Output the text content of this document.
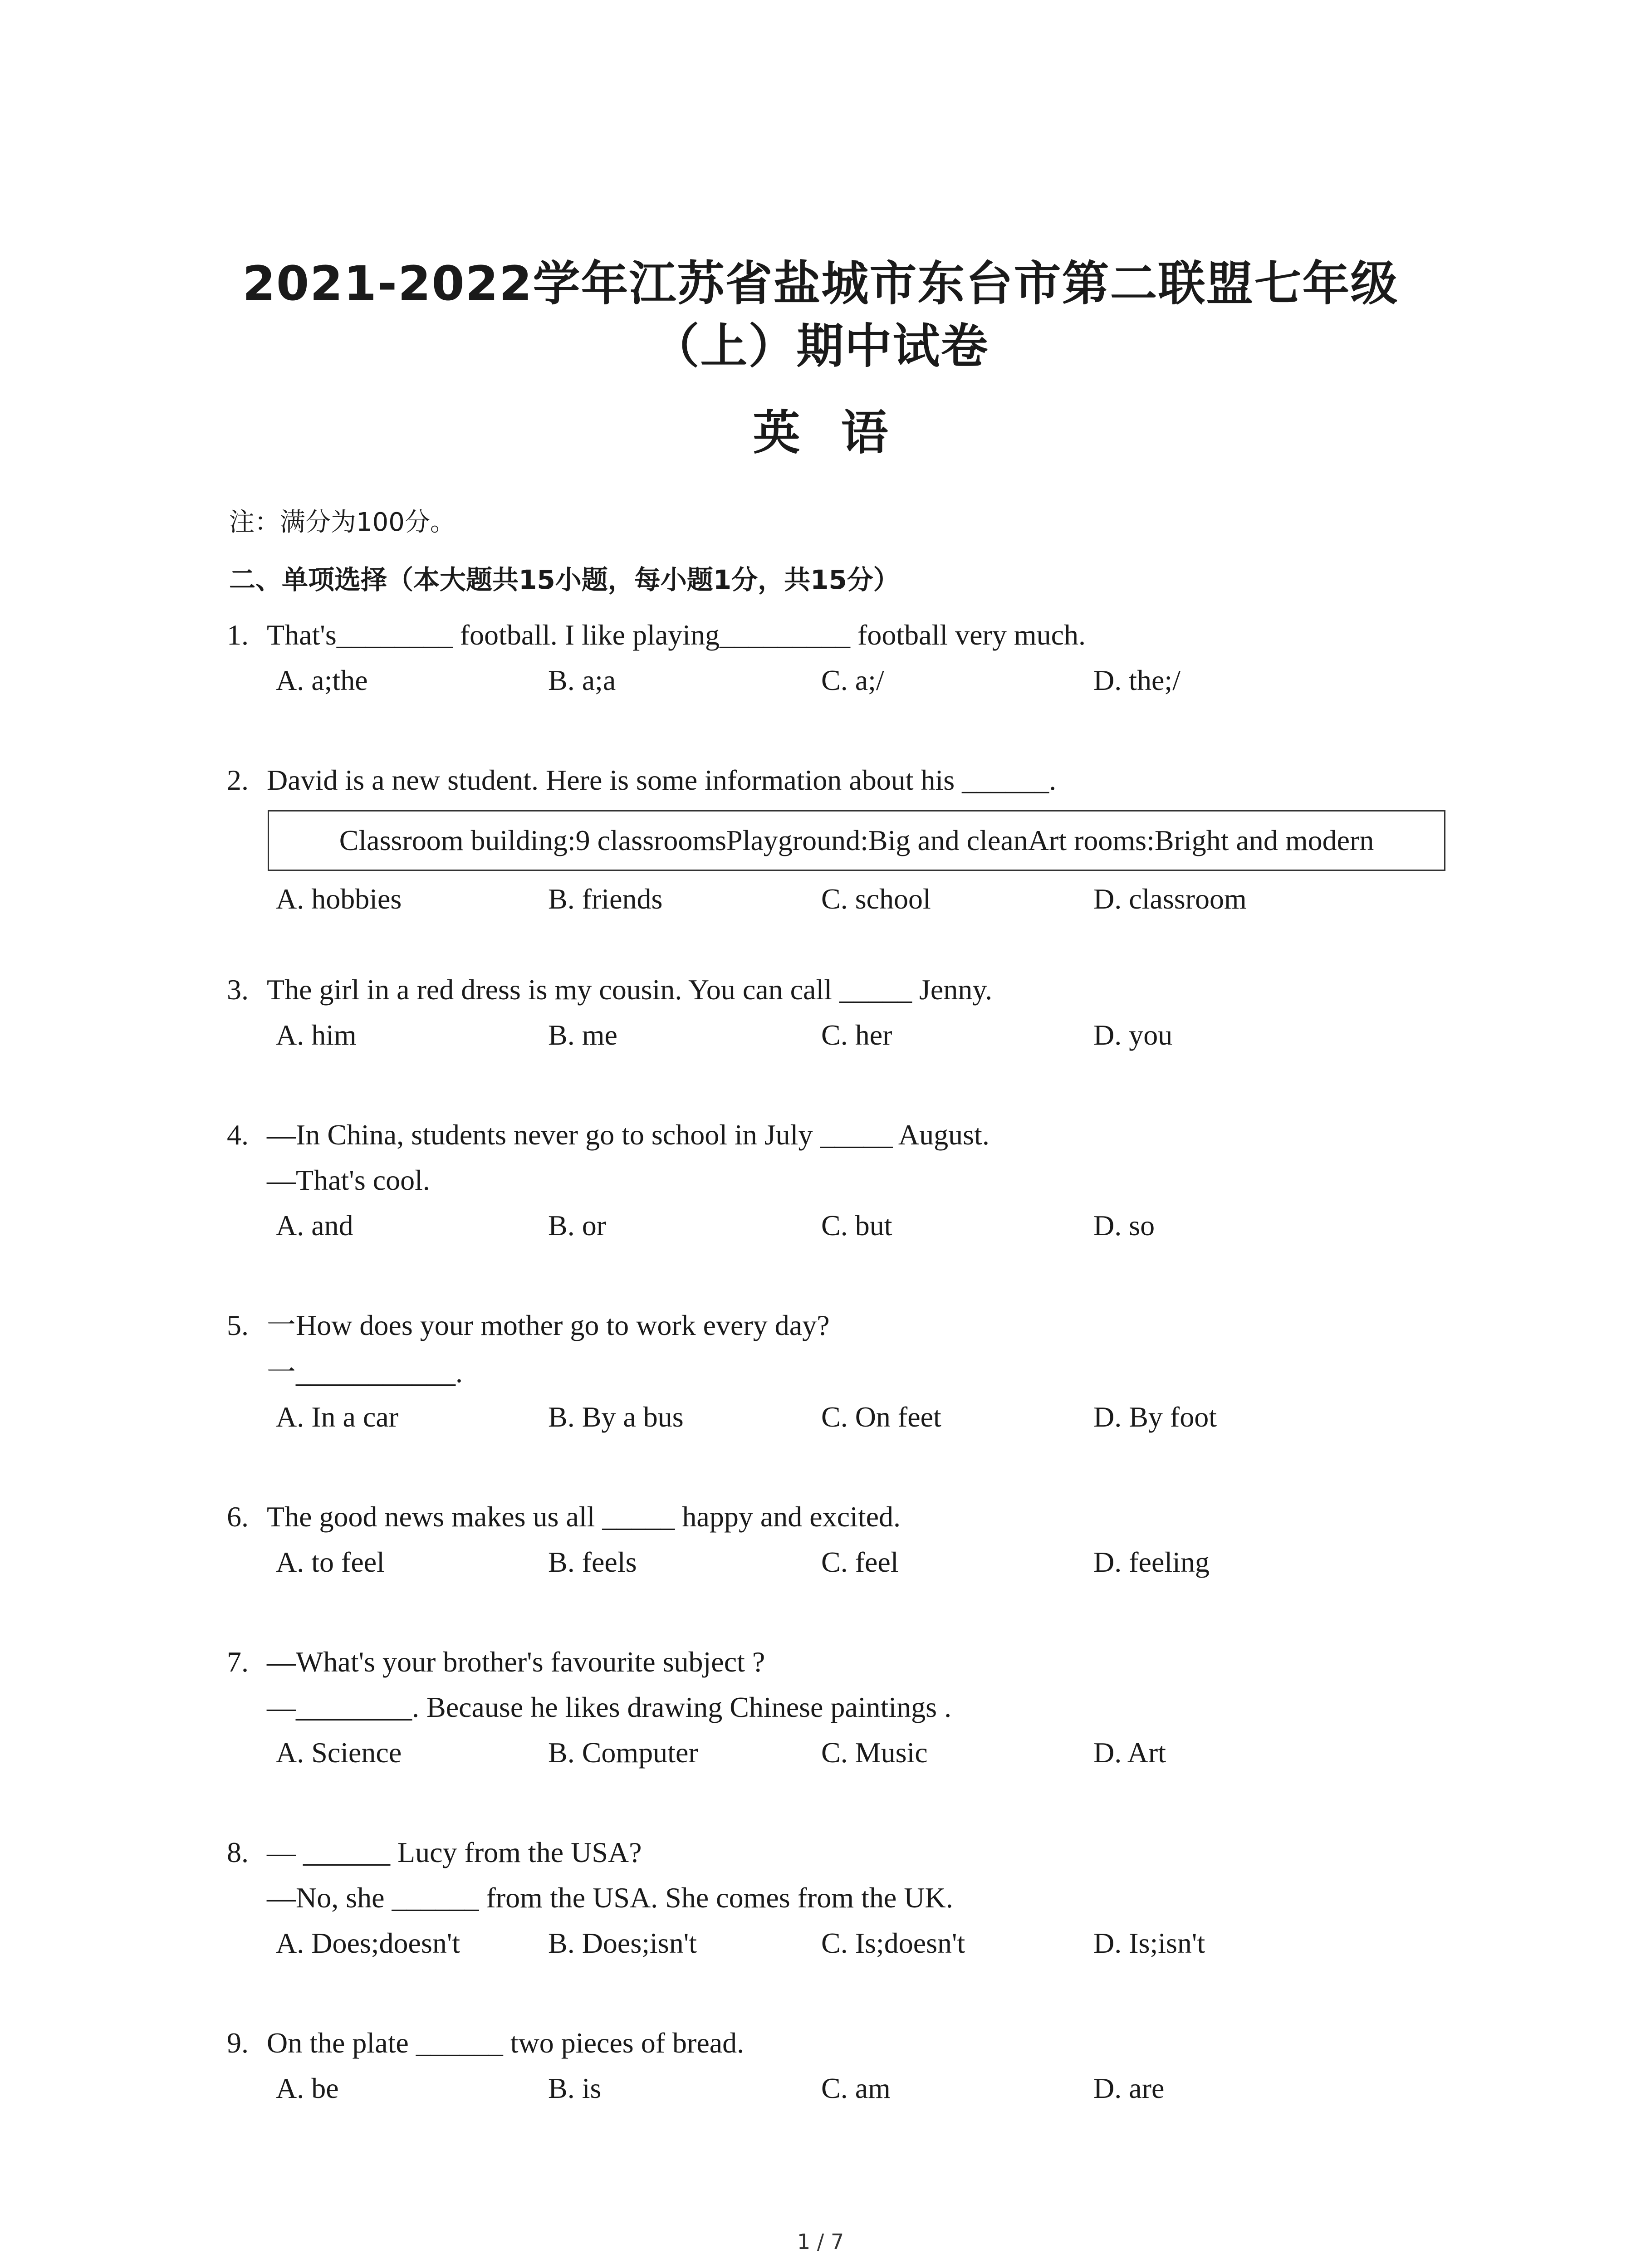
2021-2022学年江苏省盐城市东台市第二联盟七年级
（上）期中试卷
英语
注：满分为100分。
二、单项选择（本大题共15小题，每小题1分，共15分）
1. That's________ football. I like playing_________ football very much.
A. a;the	B. a;a	C. a;/	D. the;/
2. David is a new student. Here is some information about his ______.
Classroom building:9 classroomsPlayground:Big and cleanArt rooms:Bright and modern
A. hobbies	B. friends	C. school	D. classroom
3. The girl in a red dress is my cousin. You can call _____ Jenny.
A. him	B. me	C. her	D. you
4. —In China, students never go to school in July _____ August.
—That's cool.
A. and	B. or	C. but	D. so
5. 一How does your mother go to work every day?
一___________.
A. In a car	B. By a bus	C. On feet	D. By foot
6. The good news makes us all _____ happy and excited.
A. to feel	B. feels	C. feel	D. feeling
7. —What's your brother's favourite subject ?
—________. Because he likes drawing Chinese paintings .
A. Science	B. Computer	C. Music	D. Art
8. — ______ Lucy from the USA?
—No, she ______ from the USA. She comes from the UK.
A. Does;doesn't	B. Does;isn't	C. Is;doesn't	D. Is;isn't
9. On the plate ______ two pieces of bread.
A. be	B. is	C. am	D. are
1 / 7
